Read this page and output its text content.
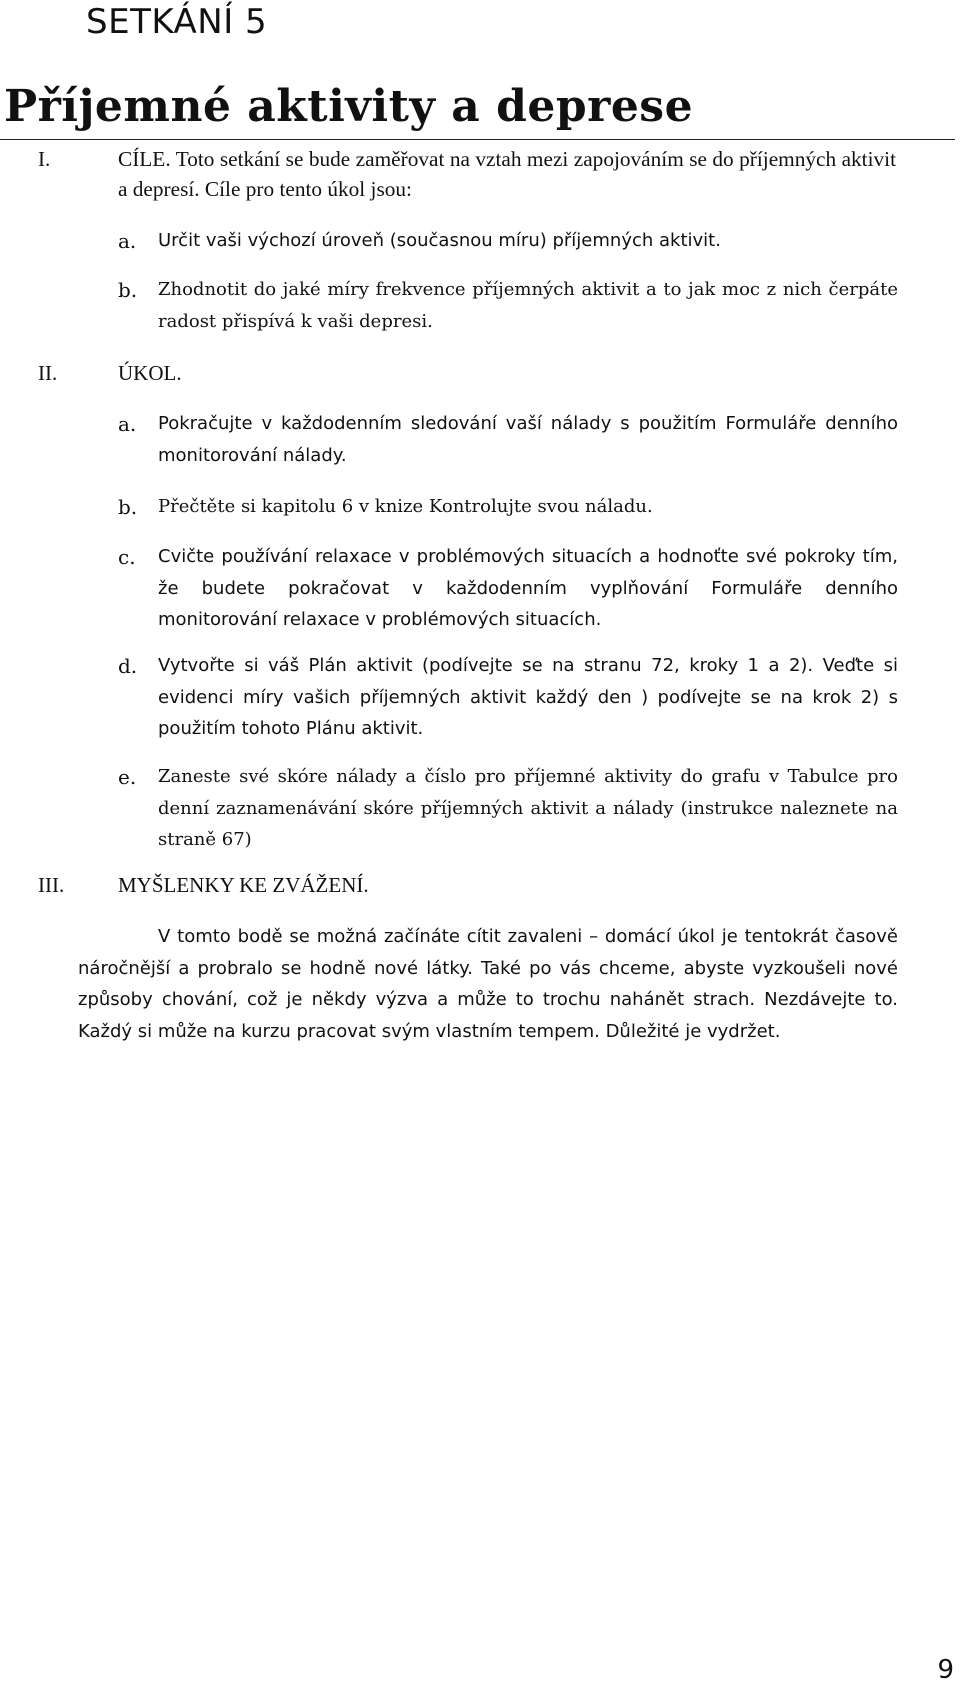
SETKÁNÍ 5
Příjemné aktivity a deprese
I.	CÍLE. Toto setkání se bude zaměřovat na vztah mezi zapojováním se do příjemných aktivit a depresí. Cíle pro tento úkol jsou:
a. Určit vaši výchozí úroveň (současnou míru) příjemných aktivit.
b. Zhodnotit do jaké míry frekvence příjemných aktivit a to jak moc z nich čerpáte radost přispívá k vaši depresi.
II.	ÚKOL.
a. Pokračujte v každodenním sledování vaší nálady s použitím Formuláře denního monitorování nálady.
b. Přečtěte si kapitolu 6 v knize Kontrolujte svou náladu.
c. Cvičte používání relaxace v problémových situacích a hodnoťte své pokroky tím, že budete pokračovat v každodenním vyplňování Formuláře denního monitorování relaxace v problémových situacích.
d. Vytvořte si váš Plán aktivit (podívejte se na stranu 72, kroky 1 a 2). Veďte si evidenci míry vašich příjemných aktivit každý den ) podívejte se na krok 2) s použitím tohoto Plánu aktivit.
e. Zaneste své skóre nálady a číslo pro příjemné aktivity do grafu v Tabulce pro denní zaznamenávání skóre příjemných aktivit a nálady (instrukce naleznete na straně 67)
III.	MYŠLENKY KE ZVÁŽENÍ.
V tomto bodě se možná začínáte cítit zavaleni – domácí úkol je tentokrát časově náročnější a probralo se hodně nové látky. Také po vás chceme, abyste vyzkoušeli nové způsoby chování, což je někdy výzva a může to trochu nahánět strach. Nezdávejte to. Každý si může na kurzu pracovat svým vlastním tempem. Důležité je vydržet.
9
